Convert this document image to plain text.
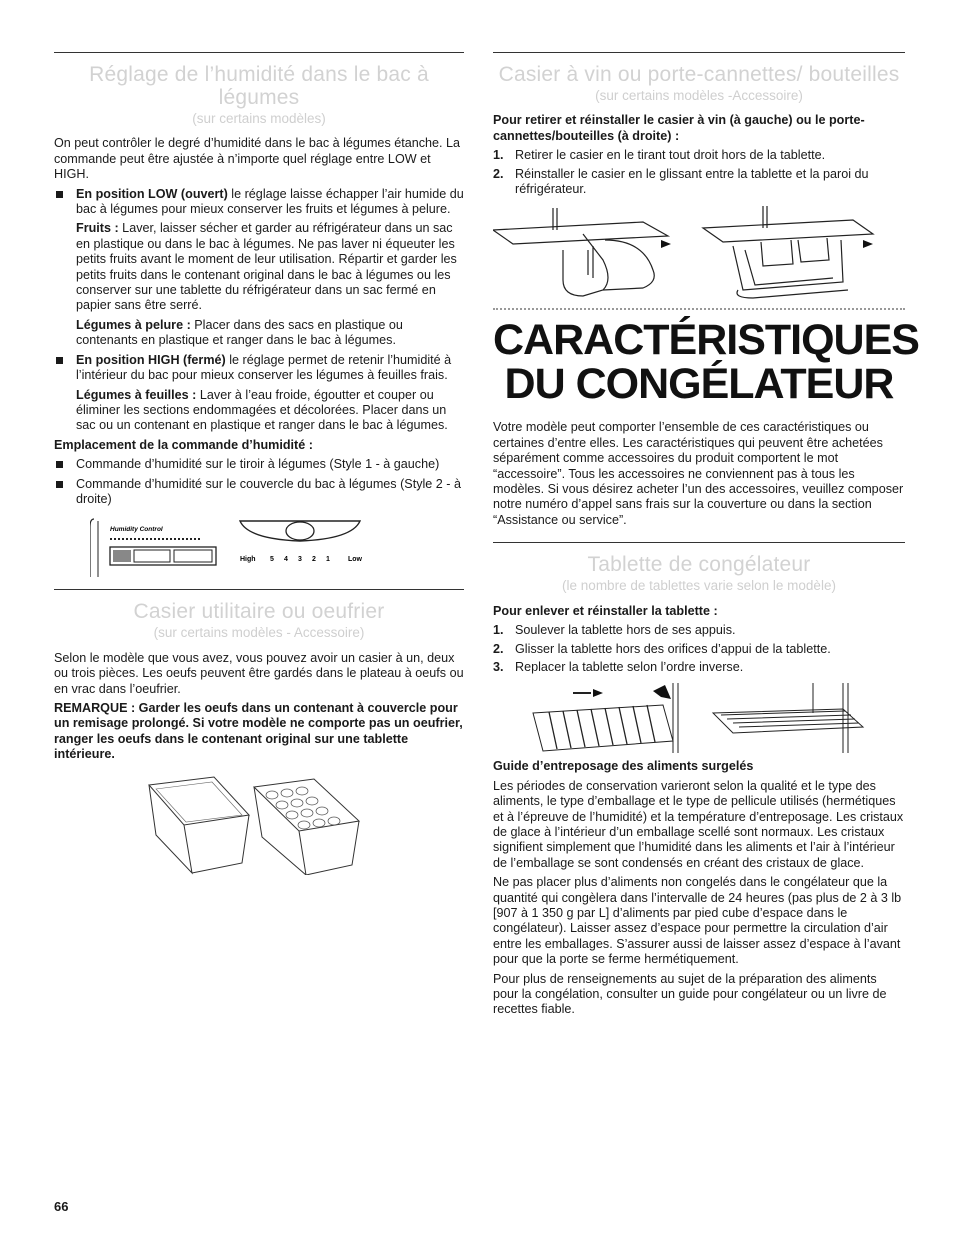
Réglage de l’humidité dans le bac à légumes
(sur certains modèles)

On peut contrôler le degré d’humidité dans le bac à légumes étanche. La commande peut être ajustée à n’importe quel réglage entre LOW et HIGH.

En position LOW (ouvert) le réglage laisse échapper l’air humide du bac à légumes pour mieux conserver les fruits et légumes à pelure.

Fruits : Laver, laisser sécher et garder au réfrigérateur dans un sac en plastique ou dans le bac à légumes. Ne pas laver ni équeuter les petits fruits avant le moment de leur utilisation. Répartir et garder les petits fruits dans le contenant original dans le bac à légumes ou les conserver sur une tablette du réfrigérateur dans un sac fermé en papier sans être serré.

Légumes à pelure : Placer dans des sacs en plastique ou contenants en plastique et ranger dans le bac à légumes.

En position HIGH (fermé) le réglage permet de retenir l’humidité à l’intérieur du bac pour mieux conserver les légumes à feuilles frais.

Légumes à feuilles : Laver à l’eau froide, égoutter et couper ou éliminer les sections endommagées et décolorées. Placer dans un sac ou un contenant en plastique et ranger dans le bac à légumes.

Emplacement de la commande d’humidité :

Commande d’humidité sur le tiroir à légumes (Style 1 - à gauche)
Commande d’humidité sur le couvercle du bac à légumes (Style 2 - à droite)
Humidity Control
High 5 4 3 2 1	Low
Casier utilitaire ou oeufrier
(sur certains modèles - Accessoire)

Selon le modèle que vous avez, vous pouvez avoir un casier à un, deux ou trois pièces. Les oeufs peuvent être gardés dans le plateau à oeufs ou en vrac dans l’oeufrier.

REMARQUE : Garder les oeufs dans un contenant à couvercle pour un remisage prolongé. Si votre modèle ne comporte pas un oeufrier, ranger les oeufs dans le contenant original sur une tablette intérieure.

Casier à vin ou porte-cannettes/ bouteilles
(sur certains modèles -Accessoire)

Pour retirer et réinstaller le casier à vin (à gauche) ou le porte-cannettes/bouteilles (à droite) :

1. Retirer le casier en le tirant tout droit hors de la tablette.
2. Réinstaller le casier en le glissant entre la tablette et la paroi du réfrigérateur.
CARACTÉRISTIQUES
DU CONGÉLATEUR

Votre modèle peut comporter l’ensemble de ces caractéristiques ou certaines d’entre elles. Les caractéristiques qui peuvent être achetées séparément comme accessoires du produit comportent le mot “accessoire”. Tous les accessoires ne conviennent pas à tous les modèles. Si vous désirez acheter l’un des accessoires, veuillez composer notre numéro d’appel sans frais sur la couverture ou dans la section “Assistance ou service”.

Tablette de congélateur
(le nombre de tablettes varie selon le modèle)

Pour enlever et réinstaller la tablette :

1. Soulever la tablette hors de ses appuis.
2. Glisser la tablette hors des orifices d’appui de la tablette.
3. Replacer la tablette selon l’ordre inverse.

Guide d’entreposage des aliments surgelés

Les périodes de conservation varieront selon la qualité et le type des aliments, le type d’emballage et le type de pellicule utilisés (hermétiques et à l’épreuve de l’humidité) et la température d’entreposage. Les cristaux de glace à l’intérieur d’un emballage scellé sont normaux. Les cristaux signifient simplement que l’humidité dans les aliments et l’air à l’intérieur de l’emballage se sont condensés en créant des cristaux de glace.

Ne pas placer plus d’aliments non congelés dans le congélateur que la quantité qui congèlera dans l’intervalle de 24 heures (pas plus de 2 à 3 lb [907 à 1 350 g par L] d’aliments par pied cube d’espace dans le congélateur). Laisser assez d’espace pour permettre la circulation d’air entre les emballages. S’assurer aussi de laisser assez d’espace à l’avant pour que la porte se ferme hermétiquement.

Pour plus de renseignements au sujet de la préparation des aliments pour la congélation, consulter un guide pour congélateur ou un livre de recettes fiable.

66
